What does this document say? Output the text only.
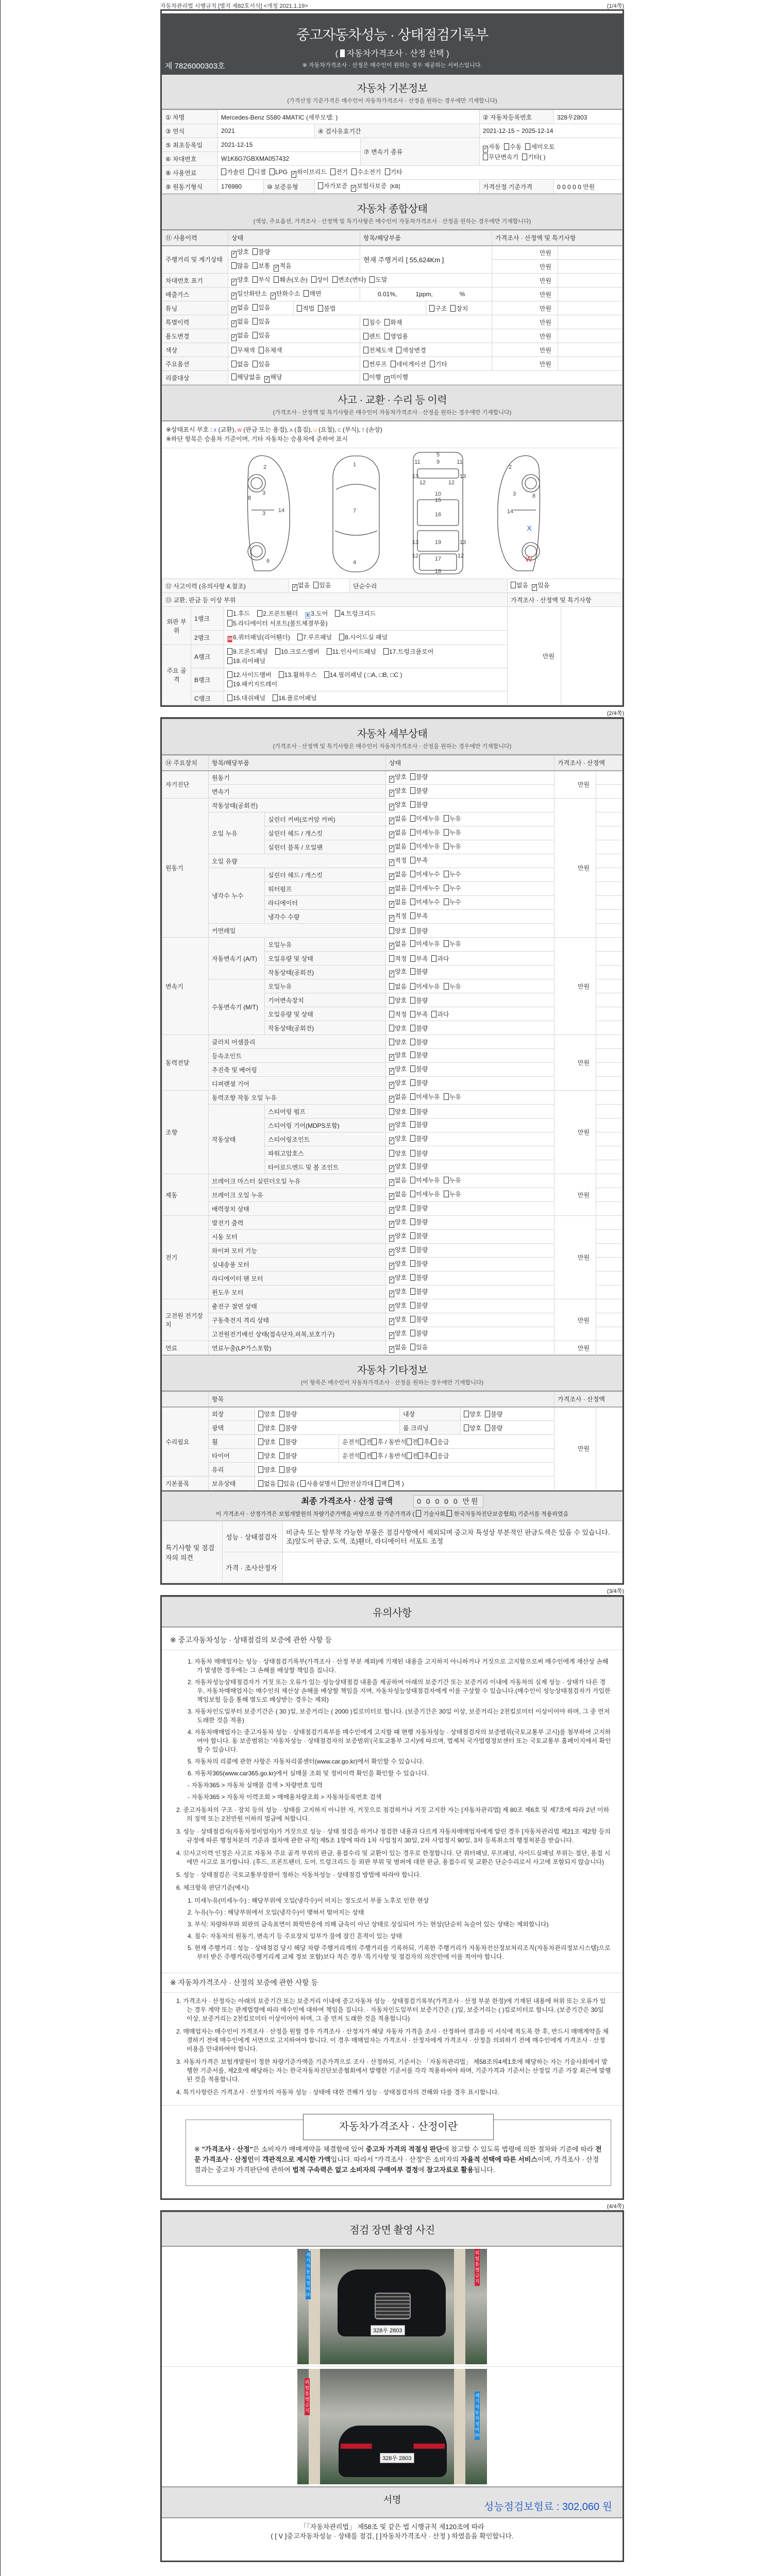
자동차관리법 시행규칙 [별지 제82호서식] <개정 2021.1.19>	(1/4쪽)
중고자동차성능 · 상태점검기록부
( 자동차가격조사 · 산정 선택 )
※ 자동차가격조사 · 산정은 매수인이 원하는 경우 제공하는 서비스입니다.
제 7826000303호
자동차 기본정보
(가격산정 기준가격은 매수인이 자동차가격조사 · 산정을 원하는 경우에만 기재합니다)
① 차명	Mercedes-Benz S580 4MATIC (세부모델: )				② 자동차등록번호	328우2803
③ 연식	2021		④ 검사유효기간		2021-12-15 ~ 2025-12-14	
⑤ 최초등록일	2021-12-15			⑦ 변속기 종류	✓ 자동 수동 세미오토
무단변속기 기타( )	
⑥ 차대번호	W1K6G7GBXMA057432					
⑧ 사용연료	가솔린 디젤 LPG ✓ 하이브리드 전기 수소전기 기타					
⑨ 원동기형식	176980	⑩ 보증유형	자가보증 ✓ 보험사보증 [KB]		가격산정 기준가격	0 0 0 0 0 만원
자동차 종합상태
(색상, 주요옵션, 가격조사 · 산정액 및 특기사항은 매수인이 자동차가격조사 · 산정을 원하는 경우에만 기재합니다)
⑪ 사용이력	상태		항목/해당부품		가격조사 · 산정액 및 특기사항	
주행거리 및 계기상태	✓ 양호 불량		현재 주행거리 [ 55,624Km ]		만원	
	많음 보통 ✓ 적음				만원	
차대번호 표기	✓ 양호 부식 훼손(오손) 상이 변조(변타) 도말				만원	
배출가스	✓ 일산화탄소 ✓ 탄화수소 매연		0.01%, 1ppm, %		만원	
튜닝	✓ 없음 있음	적법 불법		구조 장치	만원	
특별이력	✓ 없음 있음		침수 화재		만원	
용도변경	✓ 없음 있음		렌트 영업용		만원	
색상	무채색 유채색		전체도색 색상변경		만원	
주요옵션	없음 있음		썬루프 네비게이션 기타		만원	
리콜대상	해당없음 ✓ 해당		이행 ✓ 미이행			
사고 · 교환 · 수리 등 이력
(가격조사 · 산정액 및 특기사항은 매수인이 자동차가격조사 · 산정을 원하는 경우에만 기재합니다)
※상태표시 부호 : X (교환), W (판금 또는 용접), A (흠집), U (요철), C (부식), T (손상)
※하단 항목은 승용차 기준이며, 기타 자동차는 승용차에 준하여 표시
1
2	2
3
3
3
4
5
6
7
8	8
9
10
11	11
12	12
12	12
13	13
13	13
14	14
15
16
17
18
19
X
W
⑫ 사고이력 (유의사항 4.참조)			✓ 없음 있음	단순수리	없음 ✓ 있음	
⑬ 교환, 판금 등 이상 부위					가격조사 · 산정액 및 특기사항	
외판 부위	1랭크	1.후드 2.프론트휀더 X 3.도어 4.트렁크리드
5.라디에이터 서포트(볼트체결부품)			만원	
	2랭크	W 6.쿼터패널(리어휀더) 7.루프패널 8.사이드실 패널				

주요 골격	A랭크	9.프론트패널 10.크로스멤버 11.인사이드패널 17.트렁크플로어
18.리어패널				

	B랭크	12.사이드멤버 13.휠하우스 14.필러패널 ( □A, □B, □C )
19.패키지트레이				

	C랭크	15.대쉬패널 16.플로어패널				
(2/4쪽)
자동차 세부상태
(가격조사 · 산정액 및 특기사항은 매수인이 자동차가격조사 · 산정을 원하는 경우에만 기재합니다)
⑭ 주요장치	항목/해당부품		상태	가격조사 · 산정액	
자기진단	원동기		✓ 양호 불량	만원	
	변속기		✓ 양호 불량		
원동기	작동상태(공회전)		✓ 양호 불량	만원	
	오일 누유	실린더 커버(로커암 커버)	✓ 없음 미세누유 누유		
		실린더 헤드 / 개스킷	✓ 없음 미세누유 누유		
		실린더 블록 / 오일팬	✓ 없음 미세누유 누유		
	오일 유량		✓ 적정 부족		
	냉각수 누수	실린더 헤드 / 개스킷	✓ 없음 미세누수 누수		
		워터펌프	✓ 없음 미세누수 누수		
		라디에이터	✓ 없음 미세누수 누수		
		냉각수 수량	✓ 적정 부족		
	커먼레일		양호 불량		
변속기	자동변속기 (A/T)	오일누유	✓ 없음 미세누유 누유	만원	
		오일유량 및 상태	적정 부족 과다		
		작동상태(공회전)	✓ 양호 불량		
	수동변속기 (M/T)	오일누유	없음 미세누유 누유		
		기어변속장치	양호 불량		
		오일유량 및 상태	적정 부족 과다		
		작동상태(공회전)	양호 불량		
동력전달	클러치 어셈블리		양호 불량	만원	
	등속조인트		✓ 양호 불량		
	추진축 및 베어링		✓ 양호 불량		
	디퍼렌셜 기어		✓ 양호 불량		
조향	동력조향 작동 오일 누유		✓ 없음 미세누유 누유	만원	
	작동상태	스티어링 펌프	양호 불량		
		스티어링 기어(MDPS포함)	✓ 양호 불량		
		스티어링조인트	✓ 양호 불량		
		파워고압호스	양호 불량		
		타이로드엔드 및 볼 조인트	✓ 양호 불량		
제동	브레이크 마스터 실린더오일 누유		✓ 없음 미세누유 누유	만원	
	브레이크 오일 누유		✓ 없음 미세누유 누유		
	배력장치 상태		✓ 양호 불량		
전기	발전기 출력		✓ 양호 불량	만원	
	시동 모터		✓ 양호 불량		
	와이퍼 모터 기능		✓ 양호 불량		
	실내송풍 모터		✓ 양호 불량		
	라디에이터 팬 모터		✓ 양호 불량		
	윈도우 모터		✓ 양호 불량		
고전원 전기장치	충전구 절연 상태		✓ 양호 불량	만원	
	구동축전지 격리 상태		✓ 양호 불량		
	고전원전기배선 상태(접속단자,피복,보호기구)		✓ 양호 불량		
연료	연료누출(LP가스포함)		✓ 없음 있음	만원	
자동차 기타정보
(이 항목은 매수인이 자동차가격조사 · 산정을 원하는 경우에만 기재합니다)
	항목					가격조사 · 산정액	
수리필요	외장	양호 불량		내장	양호 불량	만원	
	광택	양호 불량		룸 크리닝	양호 불량		
	휠	양호 불량	운전석 전 후 / 동반석 전 후/ 응급				
	타이어	양호 불량	운전석 전 후 / 동반석 전 후/ 응급				
	유리	양호 불량					
기본품목	보유상태	없음 있음 ( 사용설명서 안전삼각대 잭 잭 )					
최종 가격조사 · 산정 금액	0 0 0 0 0 만원
이 가격조사 · 산정가격은 보험개발원의 차량기준가액을 바탕으로 한 기준가격과 ( 기술사회, 한국자동차진단보증협회) 기준서를 적용하였음
특기사항 및 점검자의 의견	성능 · 상태점검자	비금속 또는 탈부착 가능한 부품은 점검사항에서 제외되며 중고차 특성상 부분적인 판금도색은 있을 수 있습니다. 조)앞도어 판금, 도색, 조)휀더, 라디에이터 서포트 조정
	가격 · 조사산정자	
(3/4쪽)
유의사항
※ 중고자동차성능 · 상태점검의 보증에 관한 사항 등
1. 자동차 매매업자는 성능 · 상태점검기록부(가격조사 · 산정 부분 제외)에 기재된 내용을 고지하지 아니하거나 거짓으로 고지함으로써 매수인에게 재산상 손해가 발생한 경우에는 그 손해를 배상할 책임을 집니다.
2. 자동차성능상태점검자가 거짓 또는 오류가 있는 성능상태점검 내용을 제공하여 아래의 보증기간 또는 보증거리 이내에 자동차의 실제 성능 · 상태가 다른 경우, 자동차매매업자는 매수인의 재산상 손해를 배상할 책임을 지며, 자동차성능상태점검자에게 이를 구상할 수 있습니다.(매수인이 성능상태점검자가 가입한 책임보험 등을 통해 별도로 배상받는 경우는 제외)
3. 자동차인도일부터 보증기간은 ( 30 )일, 보증거리는 ( 2000 )킬로미터로 합니다. (보증기간은 30일 이상, 보증거리는 2천킬로미터 이상이어야 하며, 그 중 먼저 도래한 것을 적용)
4. 자동차매매업자는 중고자동차 성능 · 상태점검기록부를 매수인에게 고지할 때 현행 자동차성능 · 상태점검자의 보증범위(국토교통부 고시)를 첨부하여 고지하여야 합니다. 동 보증범위는 '자동차성능 · 상태점검자의 보증범위'(국토교통부 고시)에 따르며, 법제처 국가법령정보센터 또는 국토교통부 홈페이지에서 확인할 수 있습니다.
5. 자동차의 리콜에 관한 사항은 자동차리콜센터(www.car.go.kr)에서 확인할 수 있습니다.
6. 자동차365(www.car365.go.kr)에서 실매물 조회 및 정비이력 확인을 확인할 수 있습니다.
- 자동차365 > 자동차 실매물 검색 > 차량번호 입력
- 자동차365 > 자동차 이력조회 > 매매용차량조회 > 자동차등록번호 검색
2. 중고자동차의 구조 · 장치 등의 성능 · 상태를 고지하지 아니한 자, 거짓으로 점검하거나 거짓 고지한 자는 [자동차관리법] 제 80조 제6호 및 제7호에 따라 2년 이하의 징역 또는 2천만원 이하의 벌금에 처합니다.
3. 성능 · 상태점검자(자동차정비업자)가 거짓으로 성능 · 상태 점검을 하거나 점검한 내용과 다르게 자동차매매업자에게 알린 경우 [자동차관리법 제21조 제2항 등의 규정에 따른 행정처분의 기준과 절차에 관한 규칙] 제5조 1항에 따라 1차 사업정지 30일, 2차 사업정지 90일, 3차 등록취소의 행정처분을 받습니다.
4. ⑫사고이력 인정은 사고로 자동차 주요 골격 부위의 판금, 용접수리 및 교환이 있는 경우로 한정합니다. 단 쿼터패널, 루프패널, 사이드실패널 부위는 절단, 용접 시에만 사고로 표기합니다. (후드, 프론트펜더, 도어, 트렁크리드 등 외판 부위 및 범퍼에 대한 판금, 용접수리 및 교환은 단순수리로서 사고에 포함되지 않습니다)
5. 성능 · 상태점검은 국토교통부장관이 정하는 자동차성능 · 상태점검 방법에 따라야 합니다.
6. 체크항목 판단기준(예시)
1. 미세누유(미세누수) : 해당부위에 오일(냉각수)이 비치는 정도로서 부품 노후로 인한 현상
2. 누유(누수) : 해당부위에서 오일(냉각수)이 맺혀서 떨어지는 상태
3. 부식: 차량하부와 외판의 금속표면이 화학반응에 의해 금속이 아닌 상태로 상실되어 가는 현상(단순히 녹슬어 있는 상태는 제외합니다)
4. 침수: 자동차의 원동기, 변속기 등 주요장치 일부가 물에 잠긴 흔적이 있는 상태
5. 현재 주행거리 : 성능 · 상태점검 당시 해당 차량 주행거리계의 주행거리를 기록하되, 기록한 주행거리가 자동차전산정보처리조직(자동차관리정보시스템)으로부터 받은 주행거리(주행거리계 교체 정보 포함)보다 적은 경우 '특기사항 및 점검자의 의견'란에 이를 적어야 합니다.
※ 자동차가격조사 · 산정의 보증에 관한 사항 등
1. 가격조사 · 산정자는 아래의 보증기간 또는 보증거리 이내에 중고자동차 성능 · 상태점검기록부(가격조사 · 산정 부분 한정)에 기재된 내용에 허위 또는 오류가 있는 경우 계약 또는 관계법령에 따라 매수인에 대하여 책임을 집니다. · 자동차인도일부터 보증기간은 ( )일, 보증거리는 ( )킬로미터로 합니다. (보증기간은 30일 이상, 보증거리는 2천킬로미터 이상이어야 하며, 그 중 먼저 도래한 것을 적용합니다)
2. 매매업자는 매수인이 가격조사 · 산정을 원할 경우 가격조사 · 산정자가 해당 자동차 가격을 조사 · 산정하여 결과를 이 서식에 적도록 한 후, 반드시 매매계약을 체결하기 전에 매수인에게 서면으로 고지하여야 합니다. 이 경우 매매업자는 가격조사 · 산정자에게 가격조사 · 산정을 의뢰하기 전에 매수인에게 가격조사 · 산정 비용을 안내하여야 합니다.
3. 자동차가격은 보험개발원이 정한 차량기준가액을 기준가격으로 조사 · 산정하되, 기준서는 「자동차관리법」 제58조의4제1호에 해당하는 자는 기술사회에서 발행한 기준서를, 제2호에 해당하는 자는 한국자동차진단보증협회에서 발행한 기준서를 각각 적용하여야 하며, 기준가격과 기준서는 산정일 기준 가장 최근에 발행된 것을 적용합니다.
4. 특기사항란은 가격조사 · 산정자의 자동차 성능 · 상태에 대한 견해가 성능 · 상태점검자의 견해와 다를 경우 표시합니다.
자동차가격조사 · 산정이란

※ "가격조사 · 산정"은 소비자가 매매계약을 체결함에 있어 중고차 가격의 적절성 판단에 참고할 수 있도록 법령에 의한 절차와 기준에 따라 전문 가격조사 · 산정인이 객관적으로 제시한 가액입니다. 따라서 "가격조사 · 산정"은 소비자의 자율적 선택에 따른 서비스이며, 가격조사 · 산정 결과는 중고차 가격판단에 관하여 법적 구속력은 없고 소비자의 구매여부 결정에 참고자료로 활용됩니다.

(4/4쪽)
점검 장면 촬영 사진
세기자동차정비㈜
위험 통행금지
328우 2803
세기자동차정비㈜
위험 통행금지
328우 2803
서명
성능점검보험료 : 302,060 원
「「자동차관리법」 제58조 및 같은 법 시행규칙 제120조에 따라
( [ V ]중고자동차성능 · 상태를 점검, [ ]자동차가격조사 · 산정 ) 하였음을 확인합니다.
